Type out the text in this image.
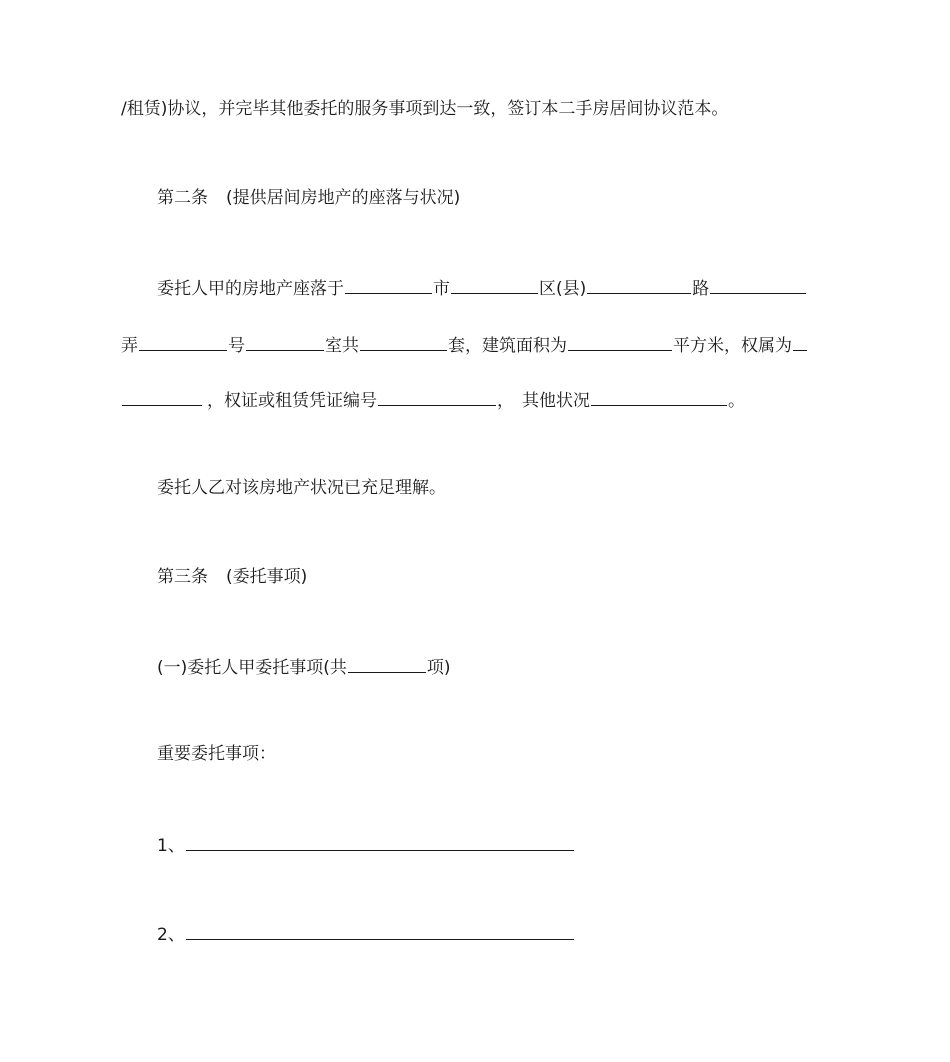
/租赁)协议，并完毕其他委托的服务事项到达一致，签订本二手房居间协议范本。
第二条 (提供居间房地产的座落与状况)
委托人甲的房地产座落于	市	区(县)	路
弄	号	室共	套，建筑面积为	平方米，权属为
，权证或租赁凭证编号	， 其他状况	。
委托人乙对该房地产状况已充足理解。
第三条 (委托事项)
(一)委托人甲委托事项(共	项)
重要委托事项：
1、
2、
